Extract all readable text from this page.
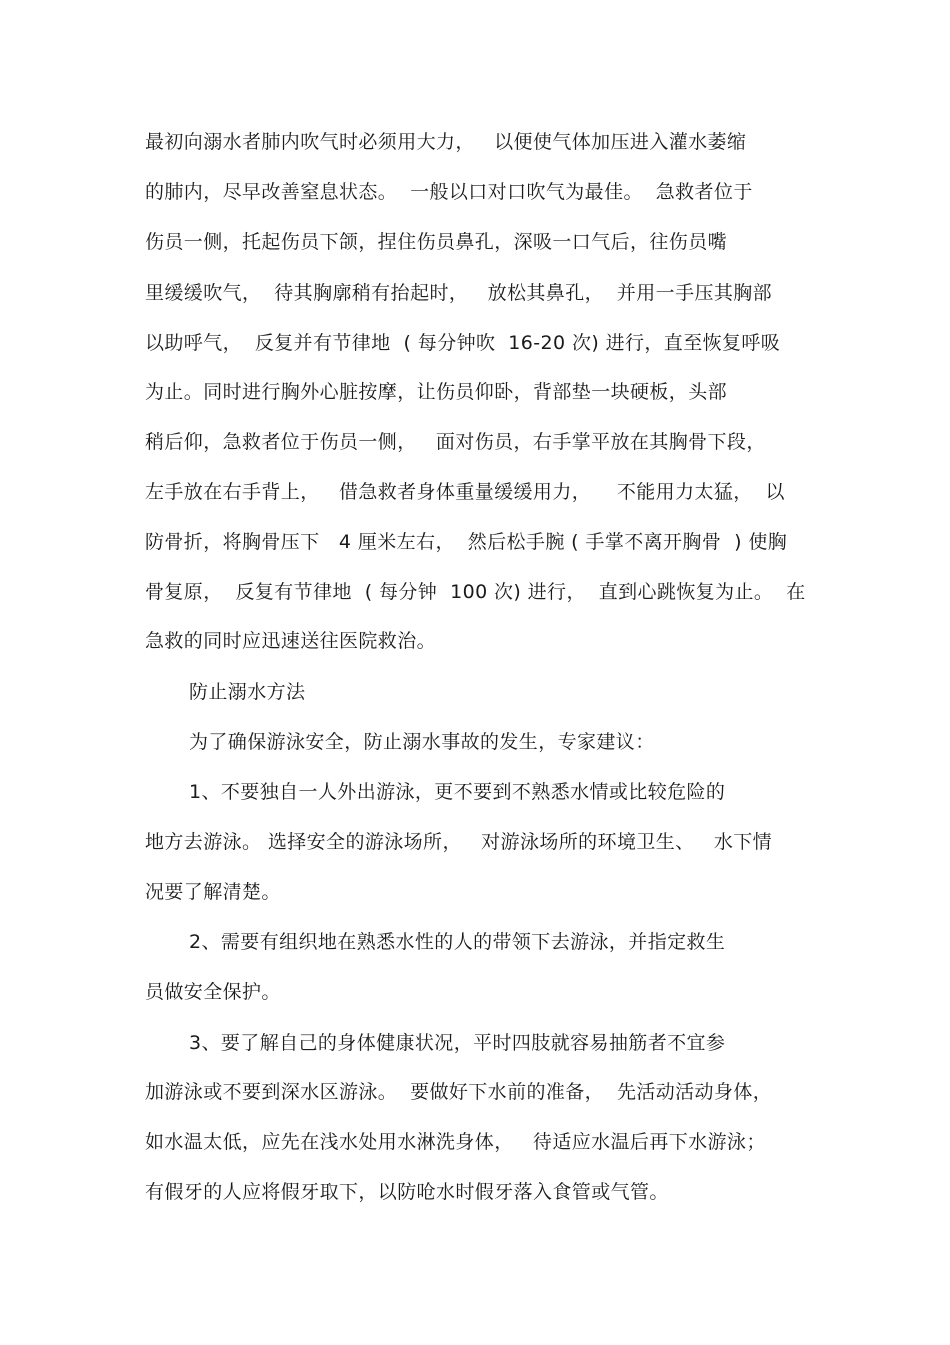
最初向溺水者肺内吹气时必须用大力，   以便使气体加压进入灌水萎缩
的肺内，尽早改善窒息状态。  一般以口对口吹气为最佳。  急救者位于
伤员一侧，托起伤员下颌，捏住伤员鼻孔，深吸一口气后，往伤员嘴
里缓缓吹气，  待其胸廓稍有抬起时，   放松其鼻孔，  并用一手压其胸部
以助呼气，  反复并有节律地  ( 每分钟吹  16-20 次) 进行，直至恢复呼吸
为止。同时进行胸外心脏按摩，让伤员仰卧，背部垫一块硬板，头部
稍后仰，急救者位于伤员一侧，   面对伤员，右手掌平放在其胸骨下段，
左手放在右手背上，   借急救者身体重量缓缓用力，    不能用力太猛，  以
防骨折，将胸骨压下   4 厘米左右，  然后松手腕 ( 手掌不离开胸骨  ) 使胸
骨复原，  反复有节律地  ( 每分钟  100 次) 进行，  直到心跳恢复为止。  在
急救的同时应迅速送往医院救治。
防止溺水方法
为了确保游泳安全，防止溺水事故的发生，专家建议：
1、不要独自一人外出游泳，更不要到不熟悉水情或比较危险的
地方去游泳。 选择安全的游泳场所，   对游泳场所的环境卫生、   水下情
况要了解清楚。
2、需要有组织地在熟悉水性的人的带领下去游泳，并指定救生
员做安全保护。
3、要了解自己的身体健康状况，平时四肢就容易抽筋者不宜参
加游泳或不要到深水区游泳。  要做好下水前的准备，  先活动活动身体，
如水温太低，应先在浅水处用水淋洗身体，   待适应水温后再下水游泳；
有假牙的人应将假牙取下，以防呛水时假牙落入食管或气管。
